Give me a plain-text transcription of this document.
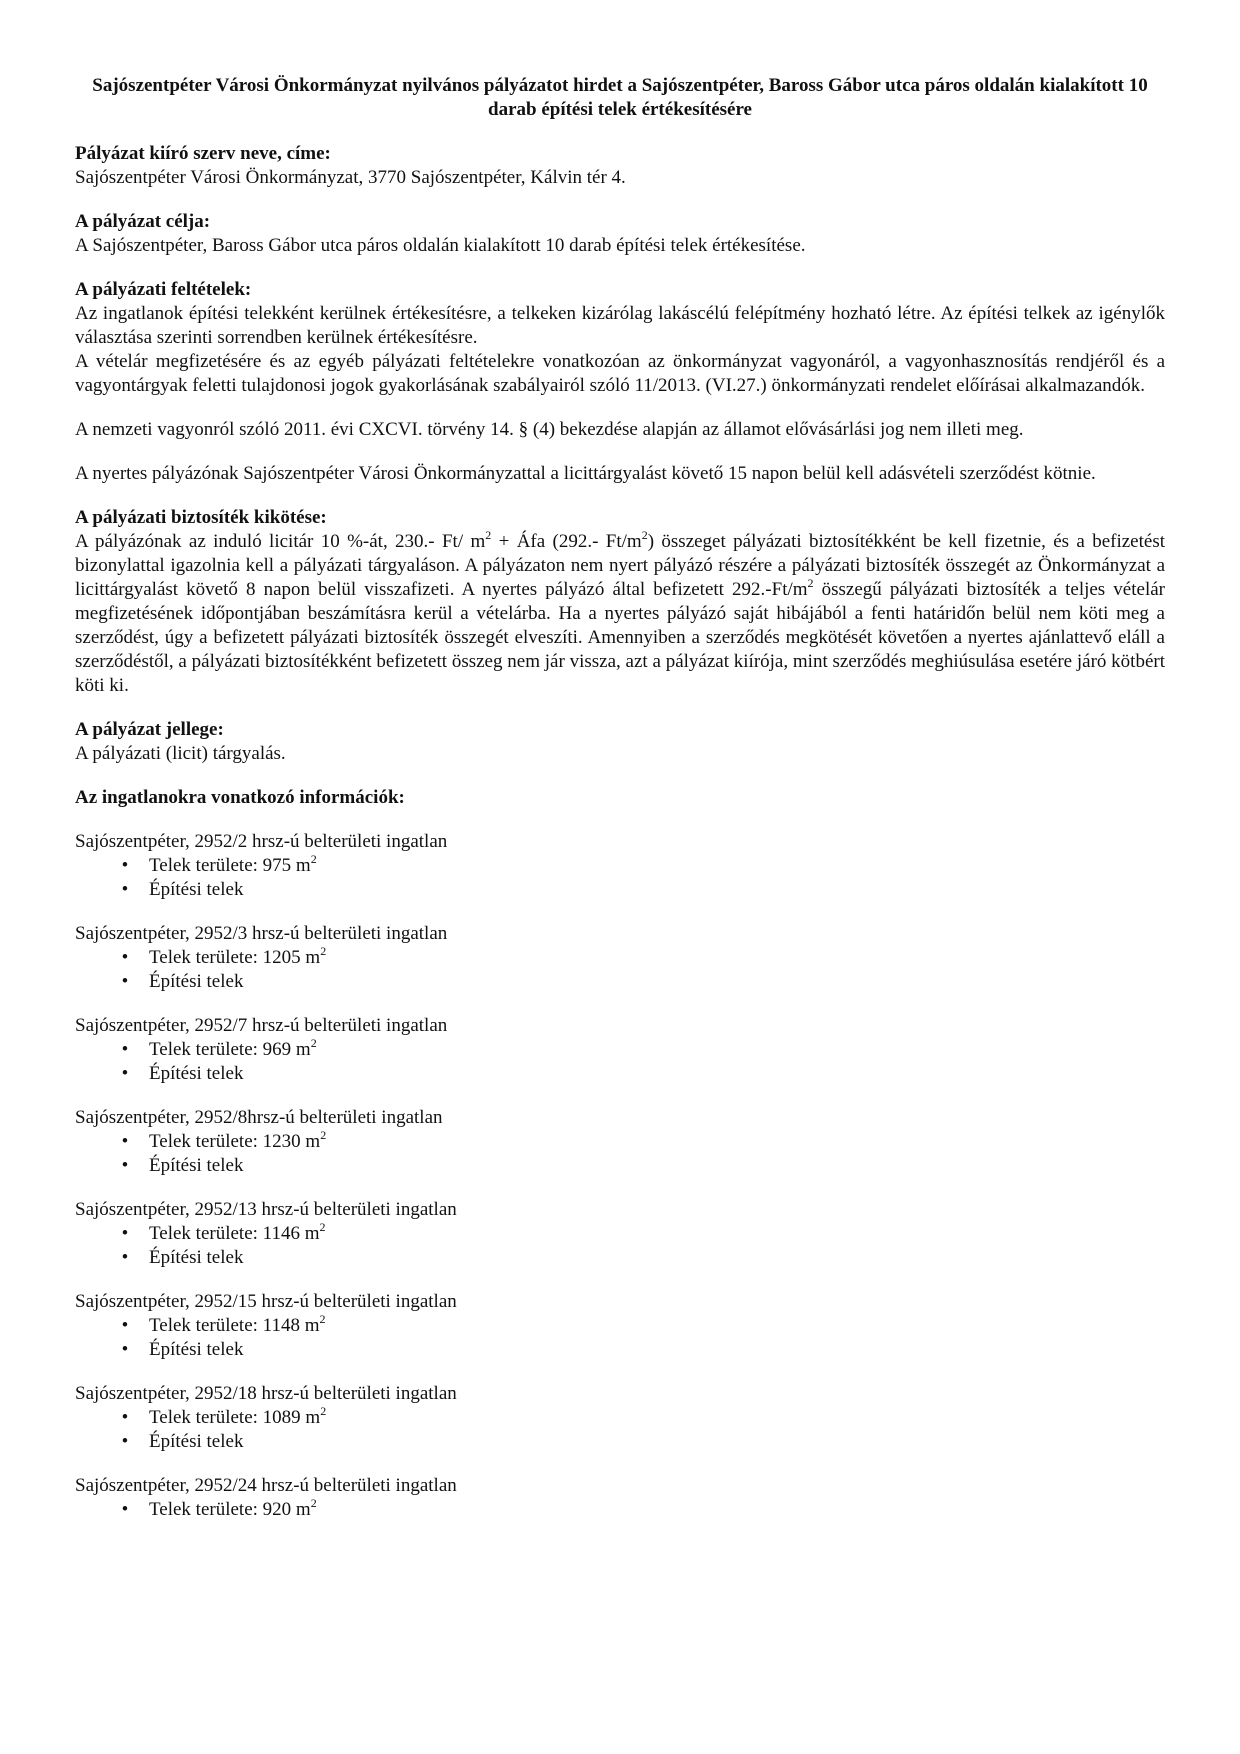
Sajószentpéter Városi Önkormányzat nyilvános pályázatot hirdet a Sajószentpéter, Baross Gábor utca páros oldalán kialakított 10 darab építési telek értékesítésére
Pályázat kiíró szerv neve, címe:

Sajószentpéter Városi Önkormányzat, 3770 Sajószentpéter, Kálvin tér 4.

A pályázat célja:

A Sajószentpéter, Baross Gábor utca páros oldalán kialakított 10 darab építési telek értékesítése.

A pályázati feltételek:

Az ingatlanok építési telekként kerülnek értékesítésre, a telkeken kizárólag lakáscélú felépítmény hozható létre. Az építési telkek az igénylők választása szerinti sorrendben kerülnek értékesítésre.

A vételár megfizetésére és az egyéb pályázati feltételekre vonatkozóan az önkormányzat vagyonáról, a vagyonhasznosítás rendjéről és a vagyontárgyak feletti tulajdonosi jogok gyakorlásának szabályairól szóló 11/2013. (VI.27.) önkormányzati rendelet előírásai alkalmazandók.

A nemzeti vagyonról szóló 2011. évi CXCVI. törvény 14. § (4) bekezdése alapján az államot elővásárlási jog nem illeti meg.

A nyertes pályázónak Sajószentpéter Városi Önkormányzattal a licittárgyalást követő 15 napon belül kell adásvételi szerződést kötnie.

A pályázati biztosíték kikötése:

A pályázónak az induló licitár 10 %-át, 230.- Ft/ $m^2$ + Áfa (292.- $Ft/m^2$) összeget pályázati biztosítékként be kell fizetnie, és a befizetést bizonylattal igazolnia kell a pályázati tárgyaláson. A pályázaton nem nyert pályázó részére a pályázati biztosíték összegét az Önkormányzat a licittárgyalást követő 8 napon belül visszafizeti. A nyertes pályázó által befizetett $292.-Ft/m^2$ összegű pályázati biztosíték a teljes vételár megfizetésének időpontjában beszámításra kerül a vételárba. Ha a nyertes pályázó saját hibájából a fenti határidőn belül nem köti meg a szerződést, úgy a befizetett pályázati biztosíték összegét elveszíti. Amennyiben a szerződés megkötését követően a nyertes ajánlattevő eláll a szerződéstől, a pályázati biztosítékként befizetett összeg nem jár vissza, azt a pályázat kiírója, mint szerződés meghiúsulása esetére járó kötbért köti ki.

A pályázat jellege:

A pályázati (licit) tárgyalás.

Az ingatlanokra vonatkozó információk:
Sajószentpéter, 2952/2 hrsz-ú belterületi ingatlan
•	Telek területe: 975 $m^2$
•	Építési telek
Sajószentpéter, 2952/3 hrsz-ú belterületi ingatlan
•	Telek területe: 1205 $m^2$
•	Építési telek
Sajószentpéter, 2952/7 hrsz-ú belterületi ingatlan
•	Telek területe: 969 $m^2$
•	Építési telek
Sajószentpéter, 2952/8hrsz-ú belterületi ingatlan
•	Telek területe: 1230 $m^2$
•	Építési telek
Sajószentpéter, 2952/13 hrsz-ú belterületi ingatlan
•	Telek területe: 1146 $m^2$
•	Építési telek
Sajószentpéter, 2952/15 hrsz-ú belterületi ingatlan
•	Telek területe: 1148 $m^2$
•	Építési telek
Sajószentpéter, 2952/18 hrsz-ú belterületi ingatlan
•	Telek területe: 1089 $m^2$
•	Építési telek
Sajószentpéter, 2952/24 hrsz-ú belterületi ingatlan
•	Telek területe: 920 $m^2$
